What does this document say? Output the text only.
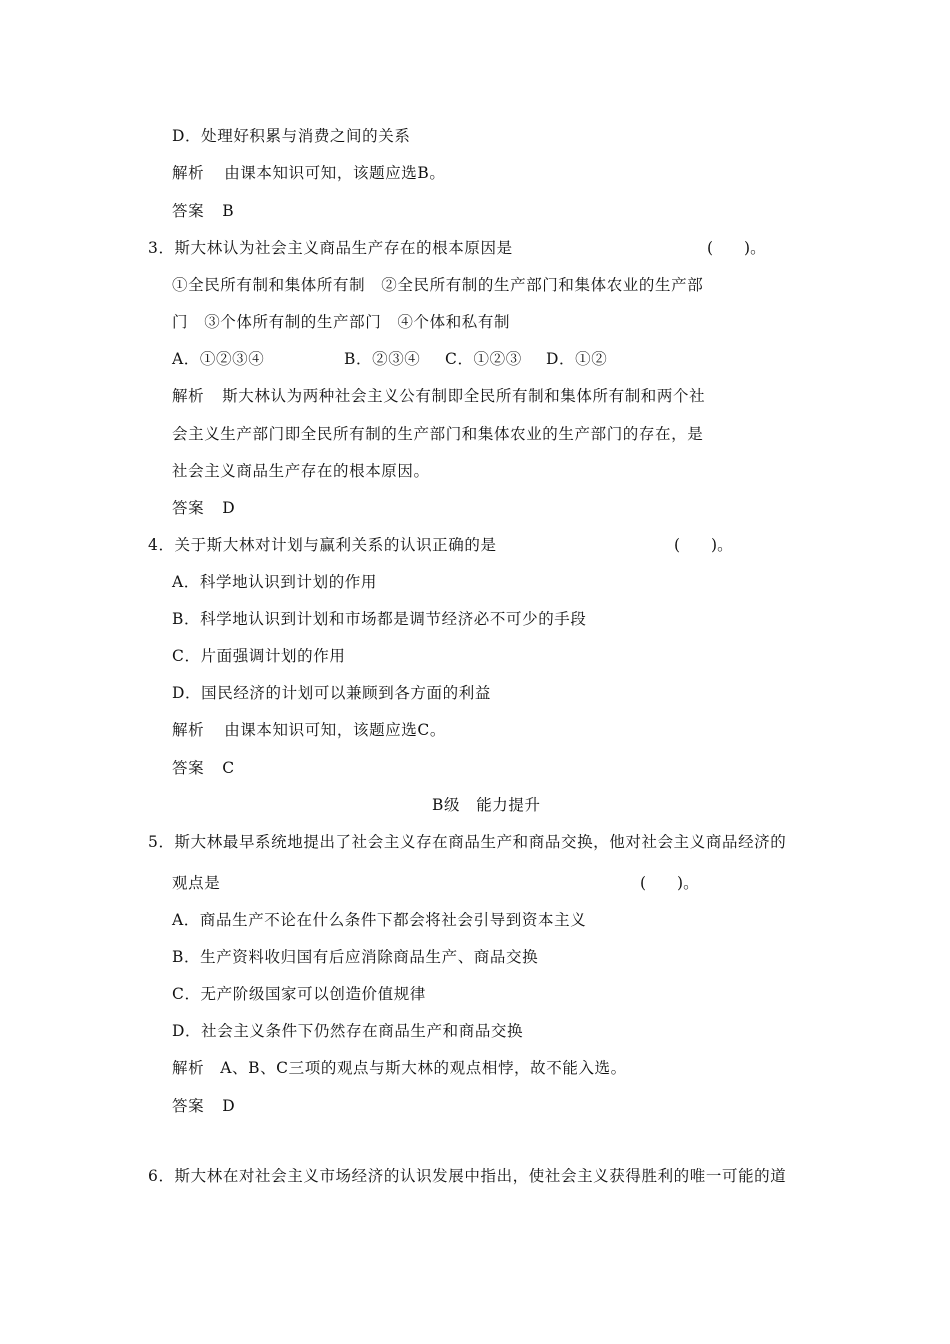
D．处理好积累与消费之间的关系
解析 由课本知识可知，该题应选B。
答案 B
3．斯大林认为社会主义商品生产存在的根本原因是	(　　)。
①全民所有制和集体所有制　②全民所有制的生产部门和集体农业的生产部
门　③个体所有制的生产部门　④个体和私有制
A．①②③④	B．②③④ C．①②③ D．①②
解析 斯大林认为两种社会主义公有制即全民所有制和集体所有制和两个社
会主义生产部门即全民所有制的生产部门和集体农业的生产部门的存在，是
社会主义商品生产存在的根本原因。
答案 D
4．关于斯大林对计划与赢利关系的认识正确的是	(　　)。
A．科学地认识到计划的作用
B．科学地认识到计划和市场都是调节经济必不可少的手段
C．片面强调计划的作用
D．国民经济的计划可以兼顾到各方面的利益
解析 由课本知识可知，该题应选C。
答案 C
B级　能力提升
5．斯大林最早系统地提出了社会主义存在商品生产和商品交换，他对社会主义商品经济的
观点是	(　　)。
A．商品生产不论在什么条件下都会将社会引导到资本主义
B．生产资料收归国有后应消除商品生产、商品交换
C．无产阶级国家可以创造价值规律
D．社会主义条件下仍然存在商品生产和商品交换
解析 A、B、C三项的观点与斯大林的观点相悖，故不能入选。
答案 D
6．斯大林在对社会主义市场经济的认识发展中指出，使社会主义获得胜利的唯一可能的道
